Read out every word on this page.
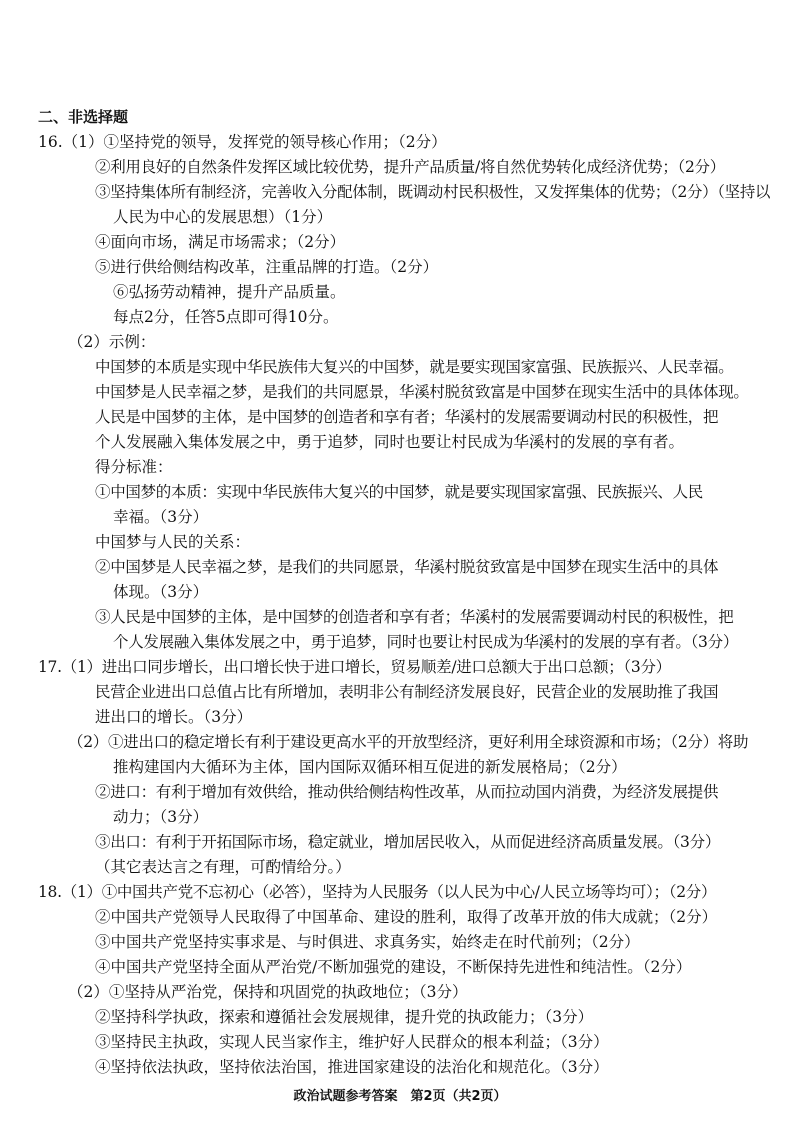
二、非选择题
16.（1）①坚持党的领导，发挥党的领导核心作用；（2分）
②利用良好的自然条件发挥区域比较优势，提升产品质量/将自然优势转化成经济优势；（2分）
③坚持集体所有制经济，完善收入分配体制，既调动村民积极性，又发挥集体的优势；（2分）（坚持以
人民为中心的发展思想）（1分）
④面向市场，满足市场需求；（2分）
⑤进行供给侧结构改革，注重品牌的打造。（2分）
⑥弘扬劳动精神，提升产品质量。
每点2分，任答5点即可得10分。
（2）示例：
中国梦的本质是实现中华民族伟大复兴的中国梦，就是要实现国家富强、民族振兴、人民幸福。
中国梦是人民幸福之梦，是我们的共同愿景，华溪村脱贫致富是中国梦在现实生活中的具体体现。
人民是中国梦的主体，是中国梦的创造者和享有者；华溪村的发展需要调动村民的积极性，把
个人发展融入集体发展之中，勇于追梦，同时也要让村民成为华溪村的发展的享有者。
得分标准：
①中国梦的本质：实现中华民族伟大复兴的中国梦，就是要实现国家富强、民族振兴、人民
幸福。（3分）
中国梦与人民的关系：
②中国梦是人民幸福之梦，是我们的共同愿景，华溪村脱贫致富是中国梦在现实生活中的具体
体现。（3分）
③人民是中国梦的主体，是中国梦的创造者和享有者；华溪村的发展需要调动村民的积极性，把
个人发展融入集体发展之中，勇于追梦，同时也要让村民成为华溪村的发展的享有者。（3分）
17.（1）进出口同步增长，出口增长快于进口增长，贸易顺差/进口总额大于出口总额；（3分）
民营企业进出口总值占比有所增加，表明非公有制经济发展良好，民营企业的发展助推了我国
进出口的增长。（3分）
（2）①进出口的稳定增长有利于建设更高水平的开放型经济，更好利用全球资源和市场；（2分）将助
推构建国内大循环为主体，国内国际双循环相互促进的新发展格局；（2分）
②进口：有利于增加有效供给，推动供给侧结构性改革，从而拉动国内消费，为经济发展提供
动力；（3分）
③出口：有利于开拓国际市场，稳定就业，增加居民收入，从而促进经济高质量发展。（3分）
（其它表达言之有理，可酌情给分。）
18.（1）①中国共产党不忘初心（必答），坚持为人民服务（以人民为中心/人民立场等均可）；（2分）
②中国共产党领导人民取得了中国革命、建设的胜利，取得了改革开放的伟大成就；（2分）
③中国共产党坚持实事求是、与时俱进、求真务实，始终走在时代前列；（2分）
④中国共产党坚持全面从严治党/不断加强党的建设，不断保持先进性和纯洁性。（2分）
（2）①坚持从严治党，保持和巩固党的执政地位；（3分）
②坚持科学执政，探索和遵循社会发展规律，提升党的执政能力；（3分）
③坚持民主执政，实现人民当家作主，维护好人民群众的根本利益；（3分）
④坚持依法执政，坚持依法治国，推进国家建设的法治化和规范化。（3分）
政治试题参考答案　第2页（共2页）
